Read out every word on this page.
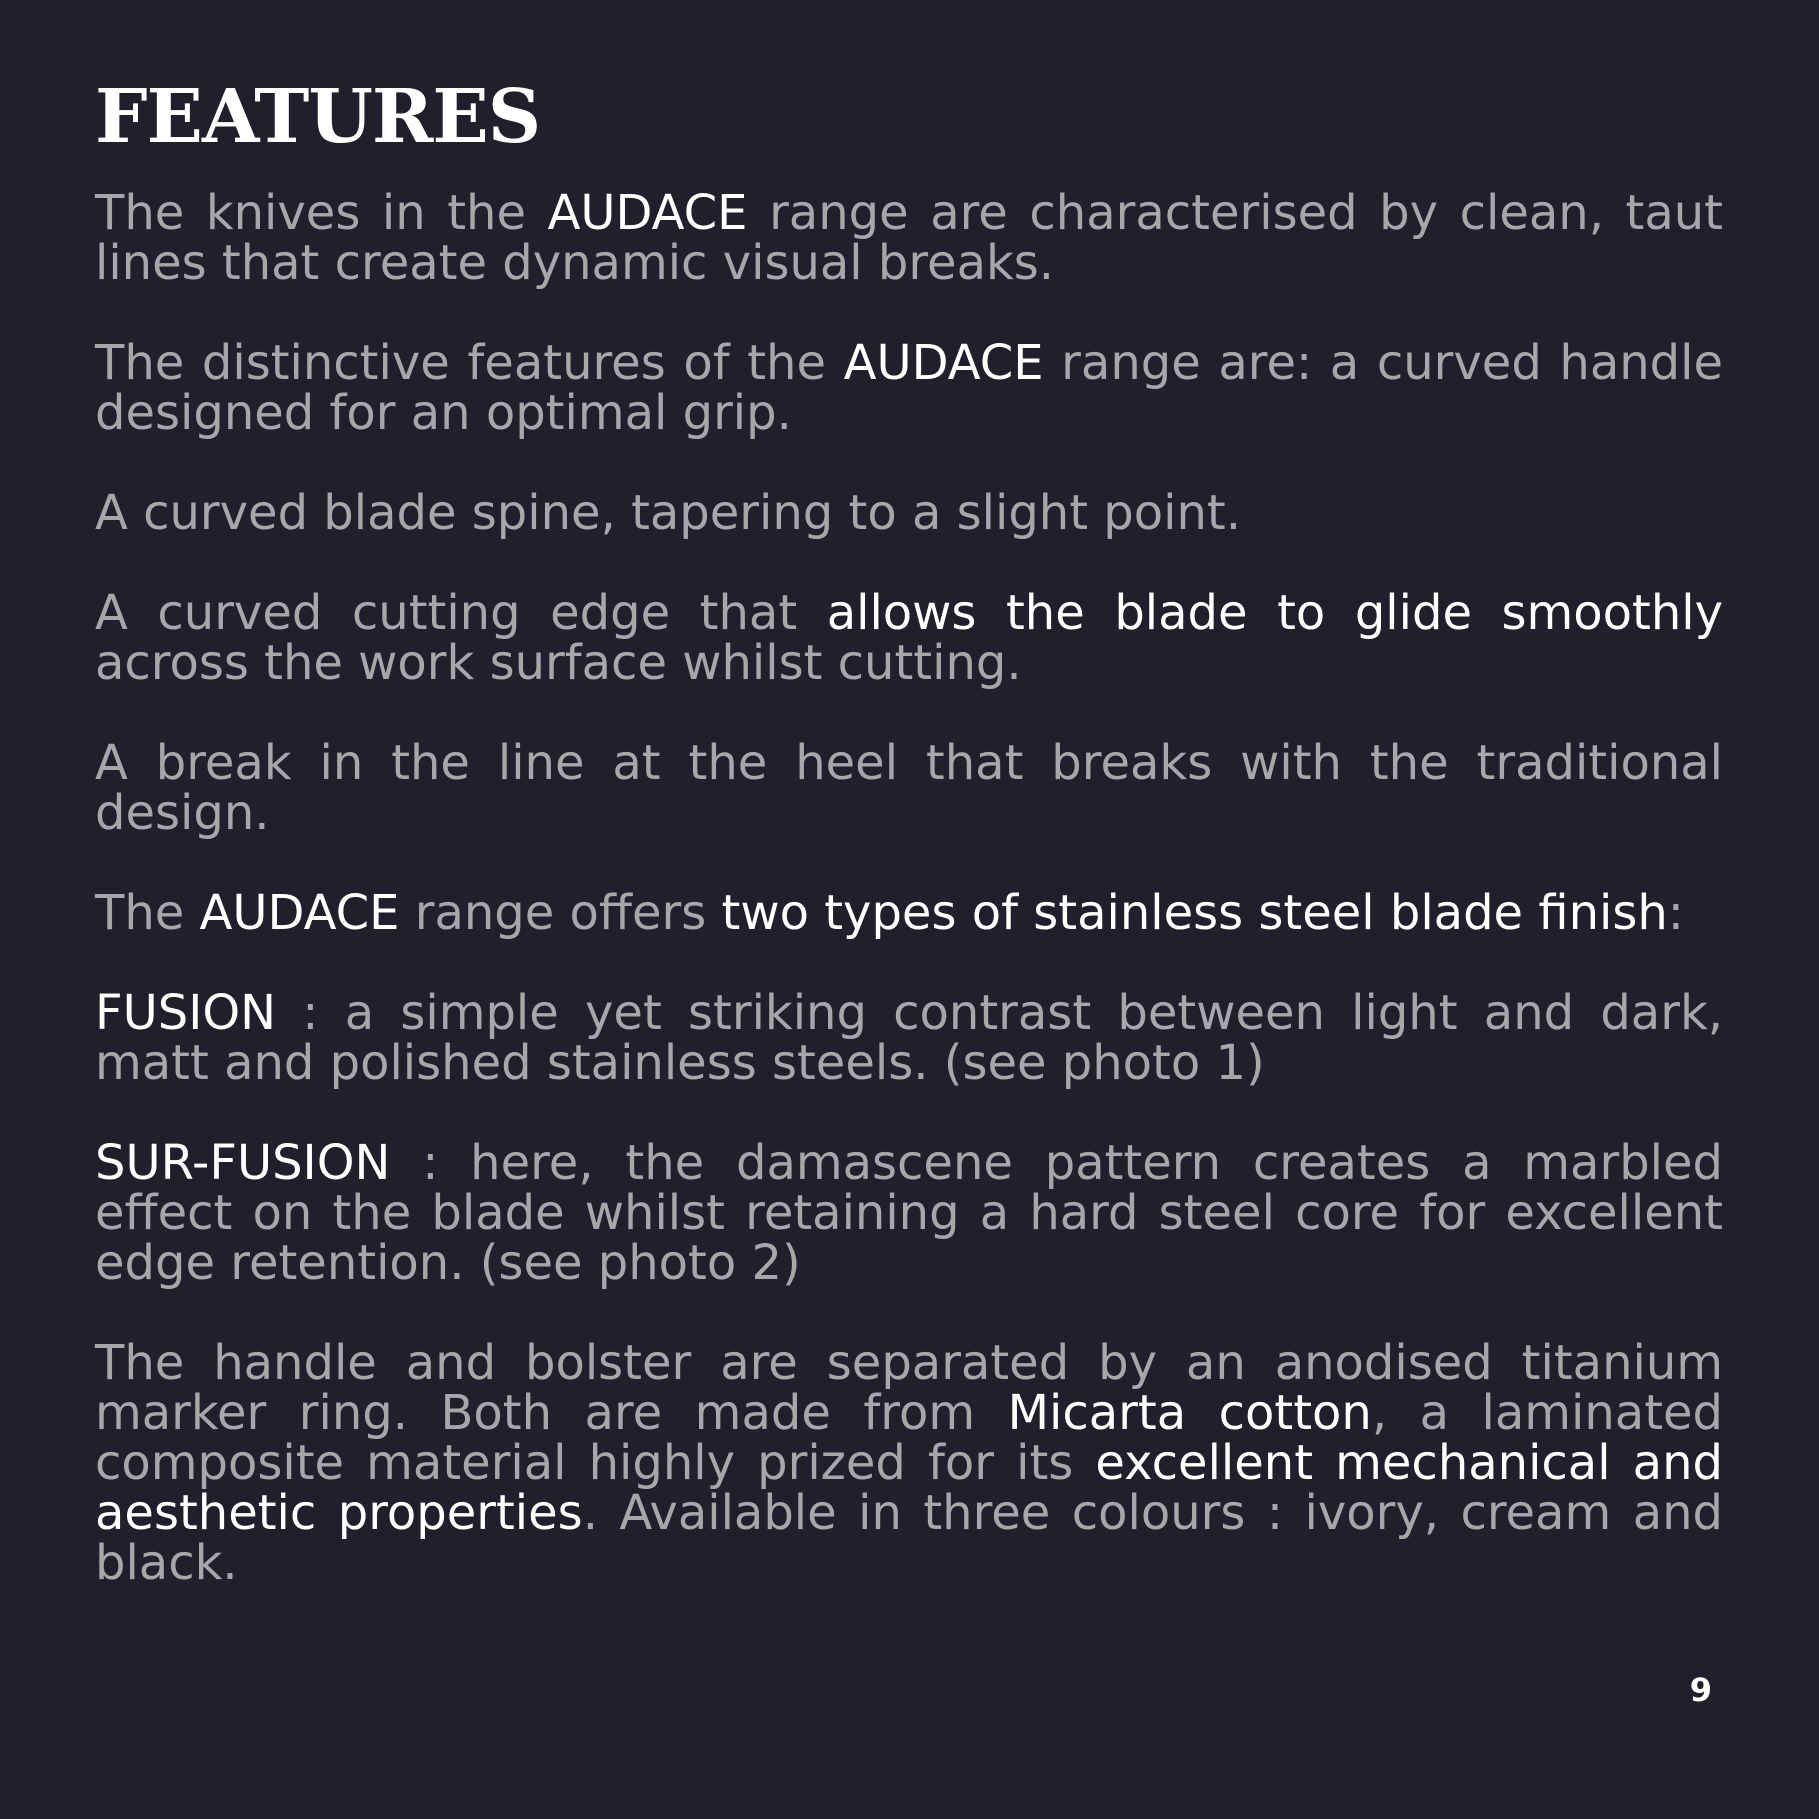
FEATURES

The knives in the AUDACE range are characterised by clean, taut lines that create dynamic visual breaks.

The distinctive features of the AUDACE range are: a curved handle designed for an optimal grip.

A curved blade spine, tapering to a slight point.

A curved cutting edge that allows the blade to glide smoothly across the work surface whilst cutting.

A break in the line at the heel that breaks with the traditional design.

The AUDACE range offers two types of stainless steel blade finish:

FUSION : a simple yet striking contrast between light and dark, matt and polished stainless steels. (see photo 1)

SUR-FUSION : here, the damascene pattern creates a marbled effect on the blade whilst retaining a hard steel core for excellent edge retention. (see photo 2)

The handle and bolster are separated by an anodised titanium marker ring. Both are made from Micarta cotton, a laminated composite material highly prized for its excellent mechanical and aesthetic properties. Available in three colours : ivory, cream and black.

9
